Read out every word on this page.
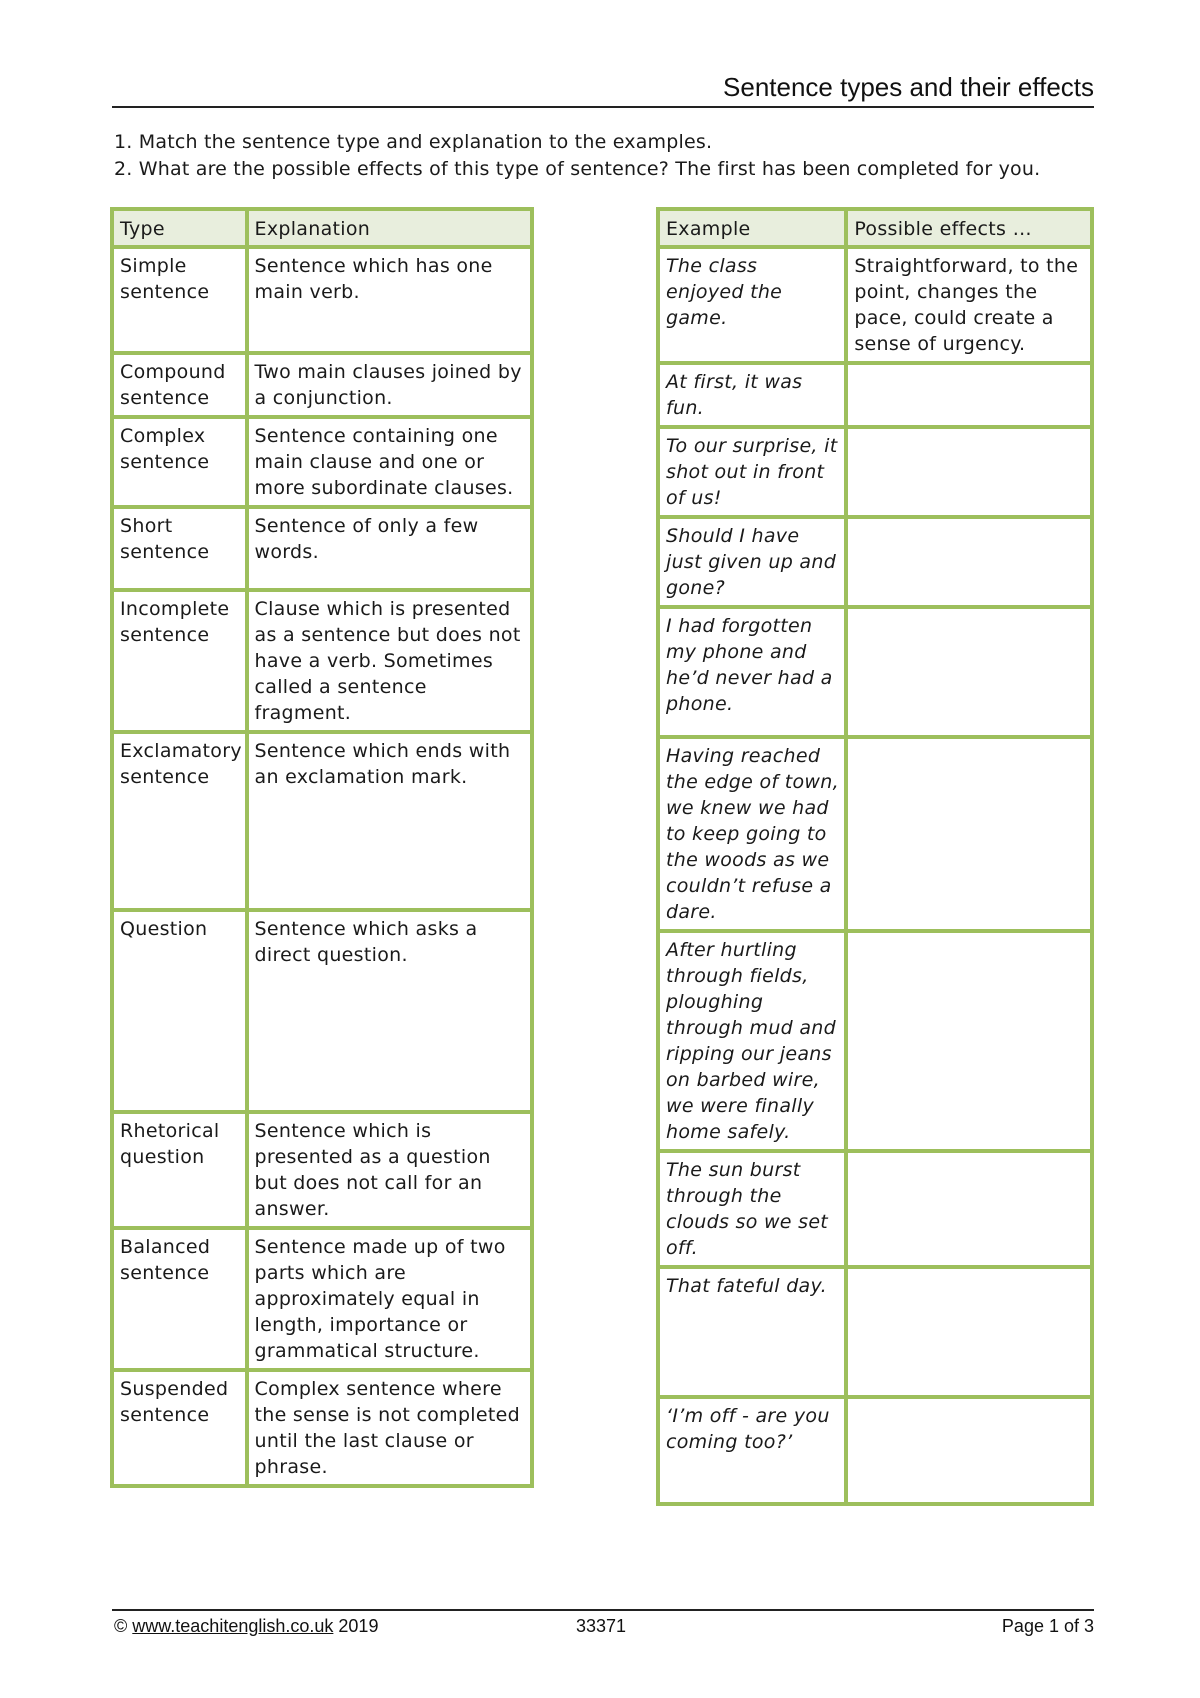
Sentence types and their effects
1. Match the sentence type and explanation to the examples.
2. What are the possible effects of this type of sentence? The first has been completed for you.
Type	Explanation
Simple sentence	Sentence which has one main verb.
Compound sentence	Two main clauses joined by a conjunction.
Complex sentence	Sentence containing one main clause and one or more subordinate clauses.
Short sentence	Sentence of only a few words.
Incomplete sentence	Clause which is presented as a sentence but does not have a verb. Sometimes called a sentence fragment.
Exclamatory sentence	Sentence which ends with an exclamation mark.
Question	Sentence which asks a direct question.
Rhetorical question	Sentence which is presented as a question but does not call for an answer.
Balanced sentence	Sentence made up of two parts which are approximately equal in length, importance or grammatical structure.
Suspended sentence	Complex sentence where the sense is not completed until the last clause or phrase.
Example	Possible effects …
The class enjoyed the game.	Straightforward, to the point, changes the pace, could create a sense of urgency.
At first, it was fun.	
To our surprise, it shot out in front of us!	
Should I have just given up and gone?	
I had forgotten my phone and he’d never had a phone.	
Having reached the edge of town, we knew we had to keep going to the woods as we couldn’t refuse a dare.	
After hurtling through fields, ploughing through mud and ripping our jeans on barbed wire, we were finally home safely.	
The sun burst through the clouds so we set off.	
That fateful day.	
‘I’m off - are you coming too?’	
© www.teachitenglish.co.uk 2019	33371	Page 1 of 3
